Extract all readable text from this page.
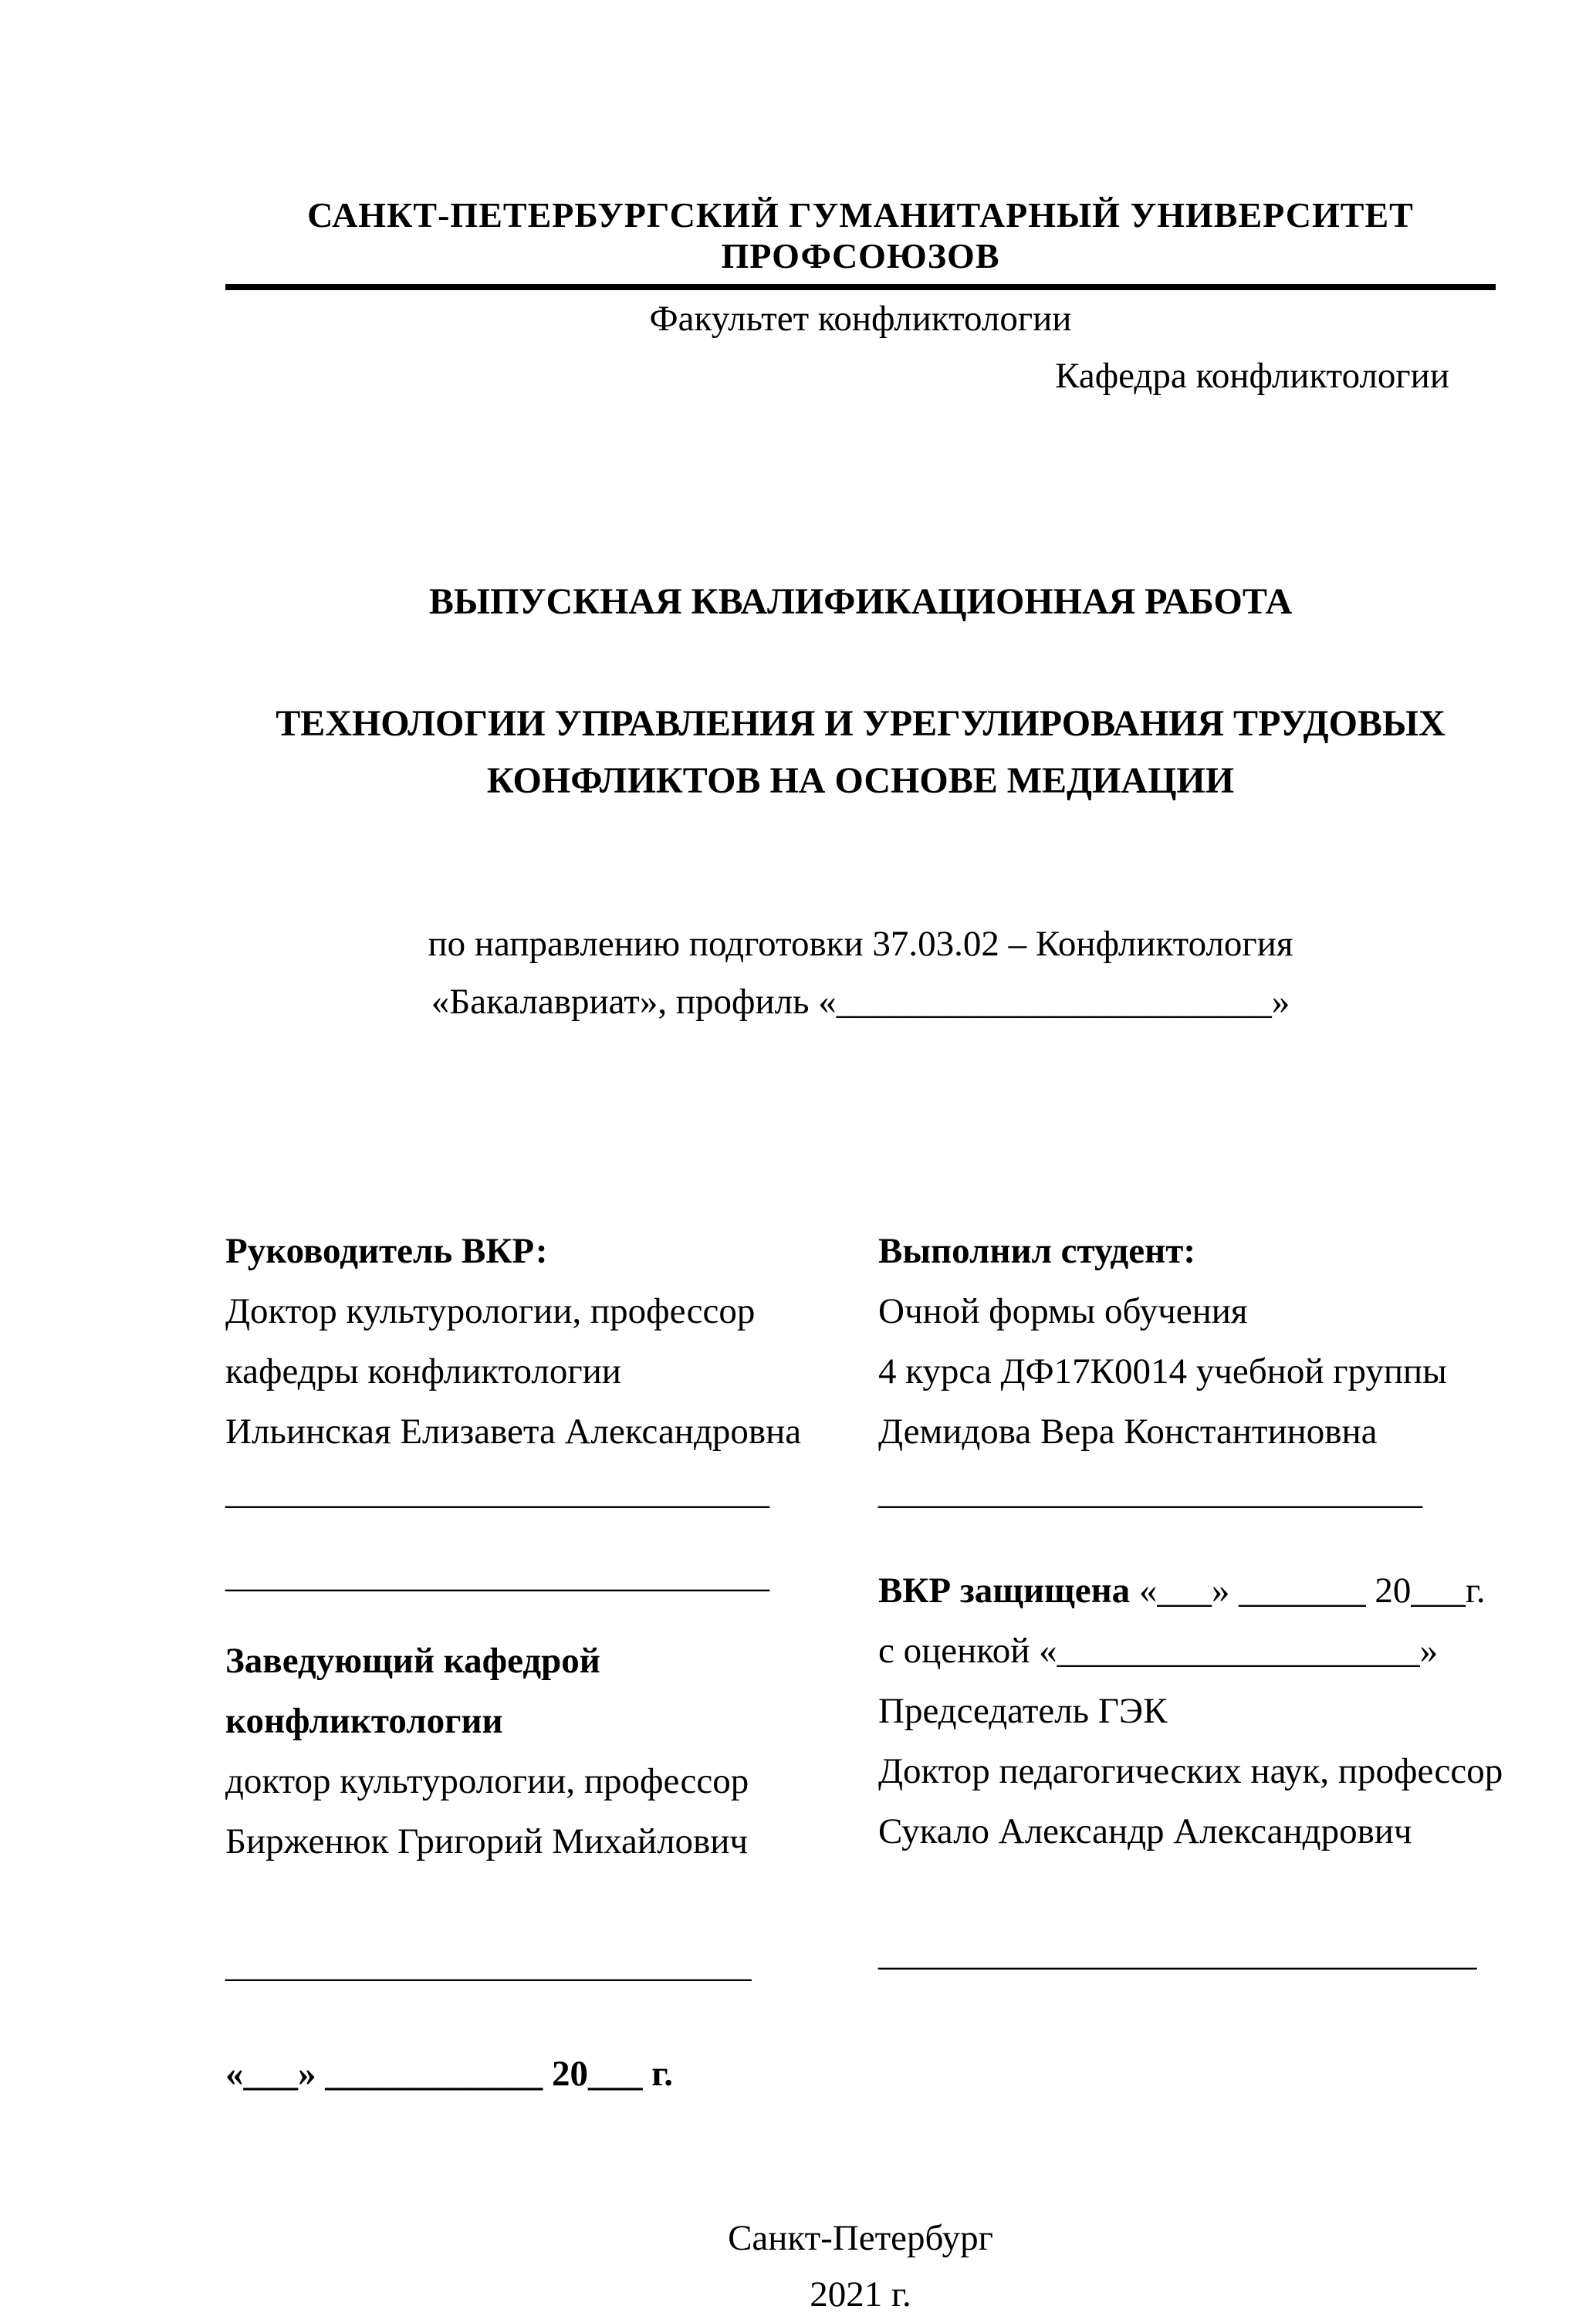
САНКТ-ПЕТЕРБУРГСКИЙ ГУМАНИТАРНЫЙ УНИВЕРСИТЕТ ПРОФСОЮЗОВ
Факультет конфликтологии
Кафедра конфликтологии
ВЫПУСКНАЯ КВАЛИФИКАЦИОННАЯ РАБОТА
ТЕХНОЛОГИИ УПРАВЛЕНИЯ И УРЕГУЛИРОВАНИЯ ТРУДОВЫХ
КОНФЛИКТОВ НА ОСНОВЕ МЕДИАЦИИ
по направлению подготовки 37.03.02 – Конфликтология
«Бакалавриат», профиль «________________________»
Руководитель ВКР:
Доктор культурологии, профессор
кафедры конфликтологии
Ильинская Елизавета Александровна
______________________________
______________________________
Заведующий кафедрой
конфликтологии
доктор культурологии, профессор
Бирженюк Григорий Михайлович
_____________________________
«___» ____________ 20___ г.
Выполнил студент:
Очной формы обучения
4 курса ДФ17К0014 учебной группы
Демидова Вера Константиновна
______________________________
ВКР защищена «___» _______ 20___г.
с оценкой «____________________»
Председатель ГЭК
Доктор педагогических наук, профессор
Сукало Александр Александрович
_________________________________
Санкт-Петербург
2021 г.
